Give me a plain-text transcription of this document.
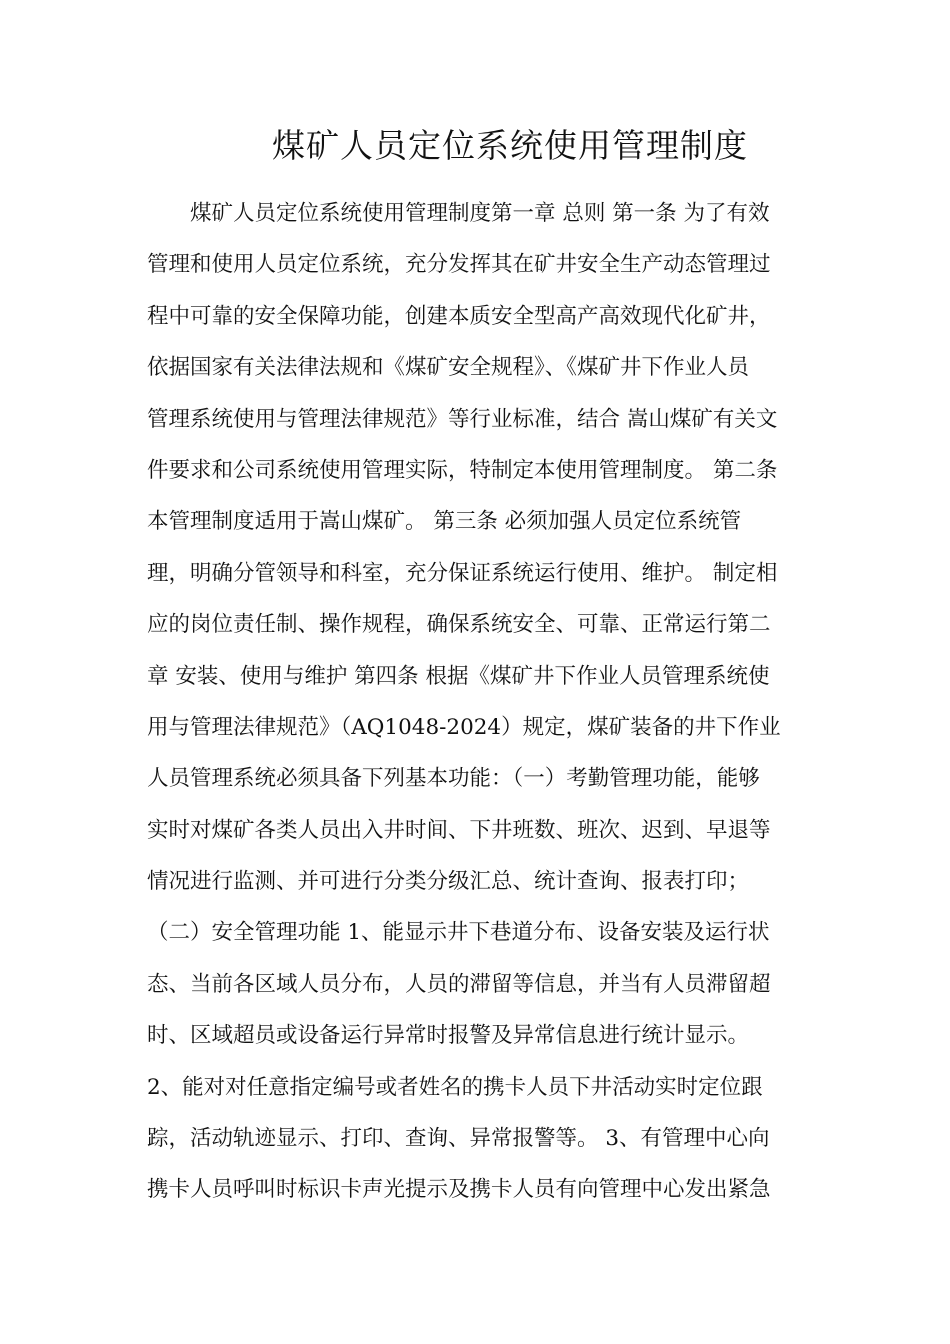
煤矿人员定位系统使用管理制度
煤矿人员定位系统使用管理制度第一章 总则 第一条 为了有效
管理和使用人员定位系统，充分发挥其在矿井安全生产动态管理过
程中可靠的安全保障功能，创建本质安全型高产高效现代化矿井，
依据国家有关法律法规和《煤矿安全规程》、《煤矿井下作业人员
管理系统使用与管理法律规范》等行业标准，结合 嵩山煤矿有关文
件要求和公司系统使用管理实际，特制定本使用管理制度。 第二条
本管理制度适用于嵩山煤矿。 第三条 必须加强人员定位系统管
理，明确分管领导和科室，充分保证系统运行使用、维护。 制定相
应的岗位责任制、操作规程，确保系统安全、可靠、正常运行第二
章 安装、使用与维护 第四条 根据《煤矿井下作业人员管理系统使
用与管理法律规范》（AQ1048-2024）规定，煤矿装备的井下作业
人员管理系统必须具备下列基本功能：（一）考勤管理功能，能够
实时对煤矿各类人员出入井时间、下井班数、班次、迟到、早退等
情况进行监测、并可进行分类分级汇总、统计查询、报表打印；
（二）安全管理功能 1、能显示井下巷道分布、设备安装及运行状
态、当前各区域人员分布，人员的滞留等信息，并当有人员滞留超
时、区域超员或设备运行异常时报警及异常信息进行统计显示。
2、能对对任意指定编号或者姓名的携卡人员下井活动实时定位跟
踪，活动轨迹显示、打印、查询、异常报警等。 3、有管理中心向
携卡人员呼叫时标识卡声光提示及携卡人员有向管理中心发出紧急
